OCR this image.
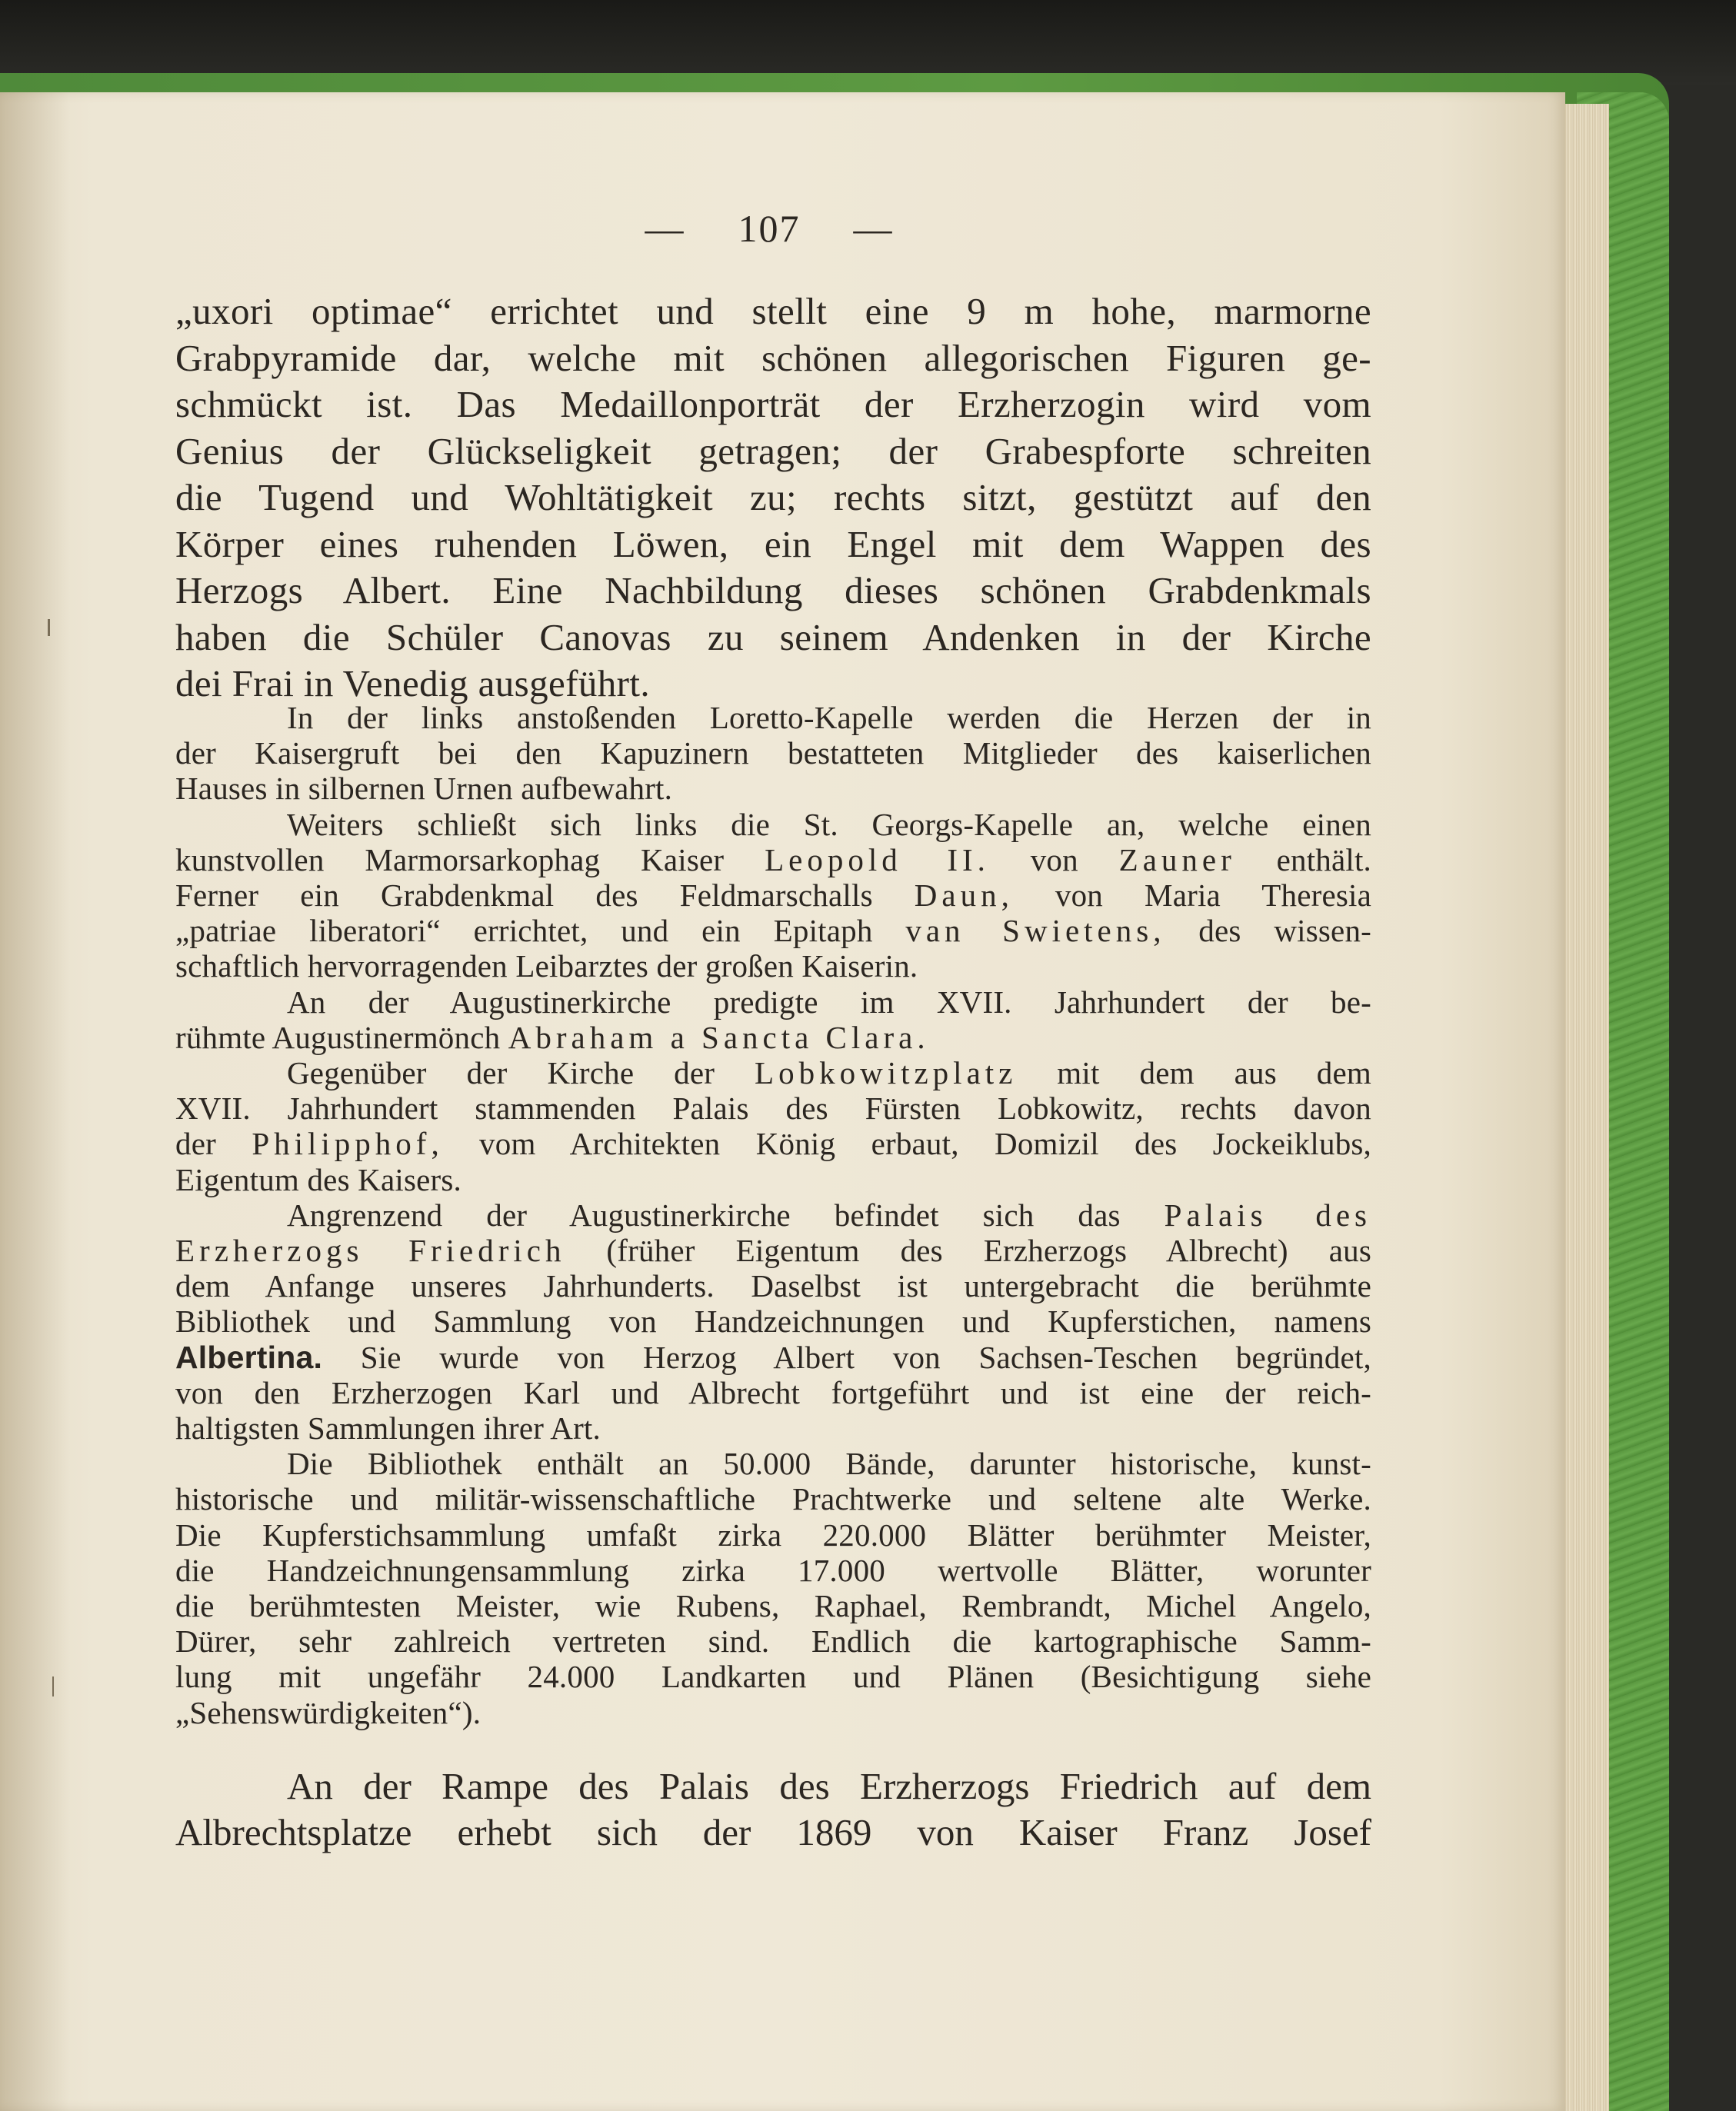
— 107 —
„uxori optimae“ errichtet und stellt eine 9 m hohe, marmorne
Grabpyramide dar, welche mit schönen allegorischen Figuren ge-
schmückt ist. Das Medaillonporträt der Erzherzogin wird vom
Genius der Glückseligkeit getragen; der Grabespforte schreiten
die Tugend und Wohltätigkeit zu; rechts sitzt, gestützt auf den
Körper eines ruhenden Löwen, ein Engel mit dem Wappen des
Herzogs Albert. Eine Nachbildung dieses schönen Grabdenkmals
haben die Schüler Canovas zu seinem Andenken in der Kirche
dei Frai in Venedig ausgeführt.
In der links anstoßenden Loretto-Kapelle werden die Herzen der in
der Kaisergruft bei den Kapuzinern bestatteten Mitglieder des kaiserlichen
Hauses in silbernen Urnen aufbewahrt.
Weiters schließt sich links die St. Georgs-Kapelle an, welche einen
kunstvollen Marmorsarkophag Kaiser Leopold II. von Zauner enthält.
Ferner ein Grabdenkmal des Feldmarschalls Daun, von Maria Theresia
„patriae liberatori“ errichtet, und ein Epitaph van Swietens, des wissen-
schaftlich hervorragenden Leibarztes der großen Kaiserin.
An der Augustinerkirche predigte im XVII. Jahrhundert der be-
rühmte Augustinermönch Abraham a Sancta Clara.
Gegenüber der Kirche der Lobkowitzplatz mit dem aus dem
XVII. Jahrhundert stammenden Palais des Fürsten Lobkowitz, rechts davon
der Philipphof, vom Architekten König erbaut, Domizil des Jockeiklubs,
Eigentum des Kaisers.
Angrenzend der Augustinerkirche befindet sich das Palais des
Erzherzogs Friedrich (früher Eigentum des Erzherzogs Albrecht) aus
dem Anfange unseres Jahrhunderts. Daselbst ist untergebracht die berühmte
Bibliothek und Sammlung von Handzeichnungen und Kupferstichen, namens
Albertina. Sie wurde von Herzog Albert von Sachsen-Teschen begründet,
von den Erzherzogen Karl und Albrecht fortgeführt und ist eine der reich-
haltigsten Sammlungen ihrer Art.
Die Bibliothek enthält an 50.000 Bände, darunter historische, kunst-
historische und militär-wissenschaftliche Prachtwerke und seltene alte Werke.
Die Kupferstichsammlung umfaßt zirka 220.000 Blätter berühmter Meister,
die Handzeichnungensammlung zirka 17.000 wertvolle Blätter, worunter
die berühmtesten Meister, wie Rubens, Raphael, Rembrandt, Michel Angelo,
Dürer, sehr zahlreich vertreten sind. Endlich die kartographische Samm-
lung mit ungefähr 24.000 Landkarten und Plänen (Besichtigung siehe
„Sehenswürdigkeiten“).
An der Rampe des Palais des Erzherzogs Friedrich auf dem
Albrechtsplatze erhebt sich der 1869 von Kaiser Franz Josef
